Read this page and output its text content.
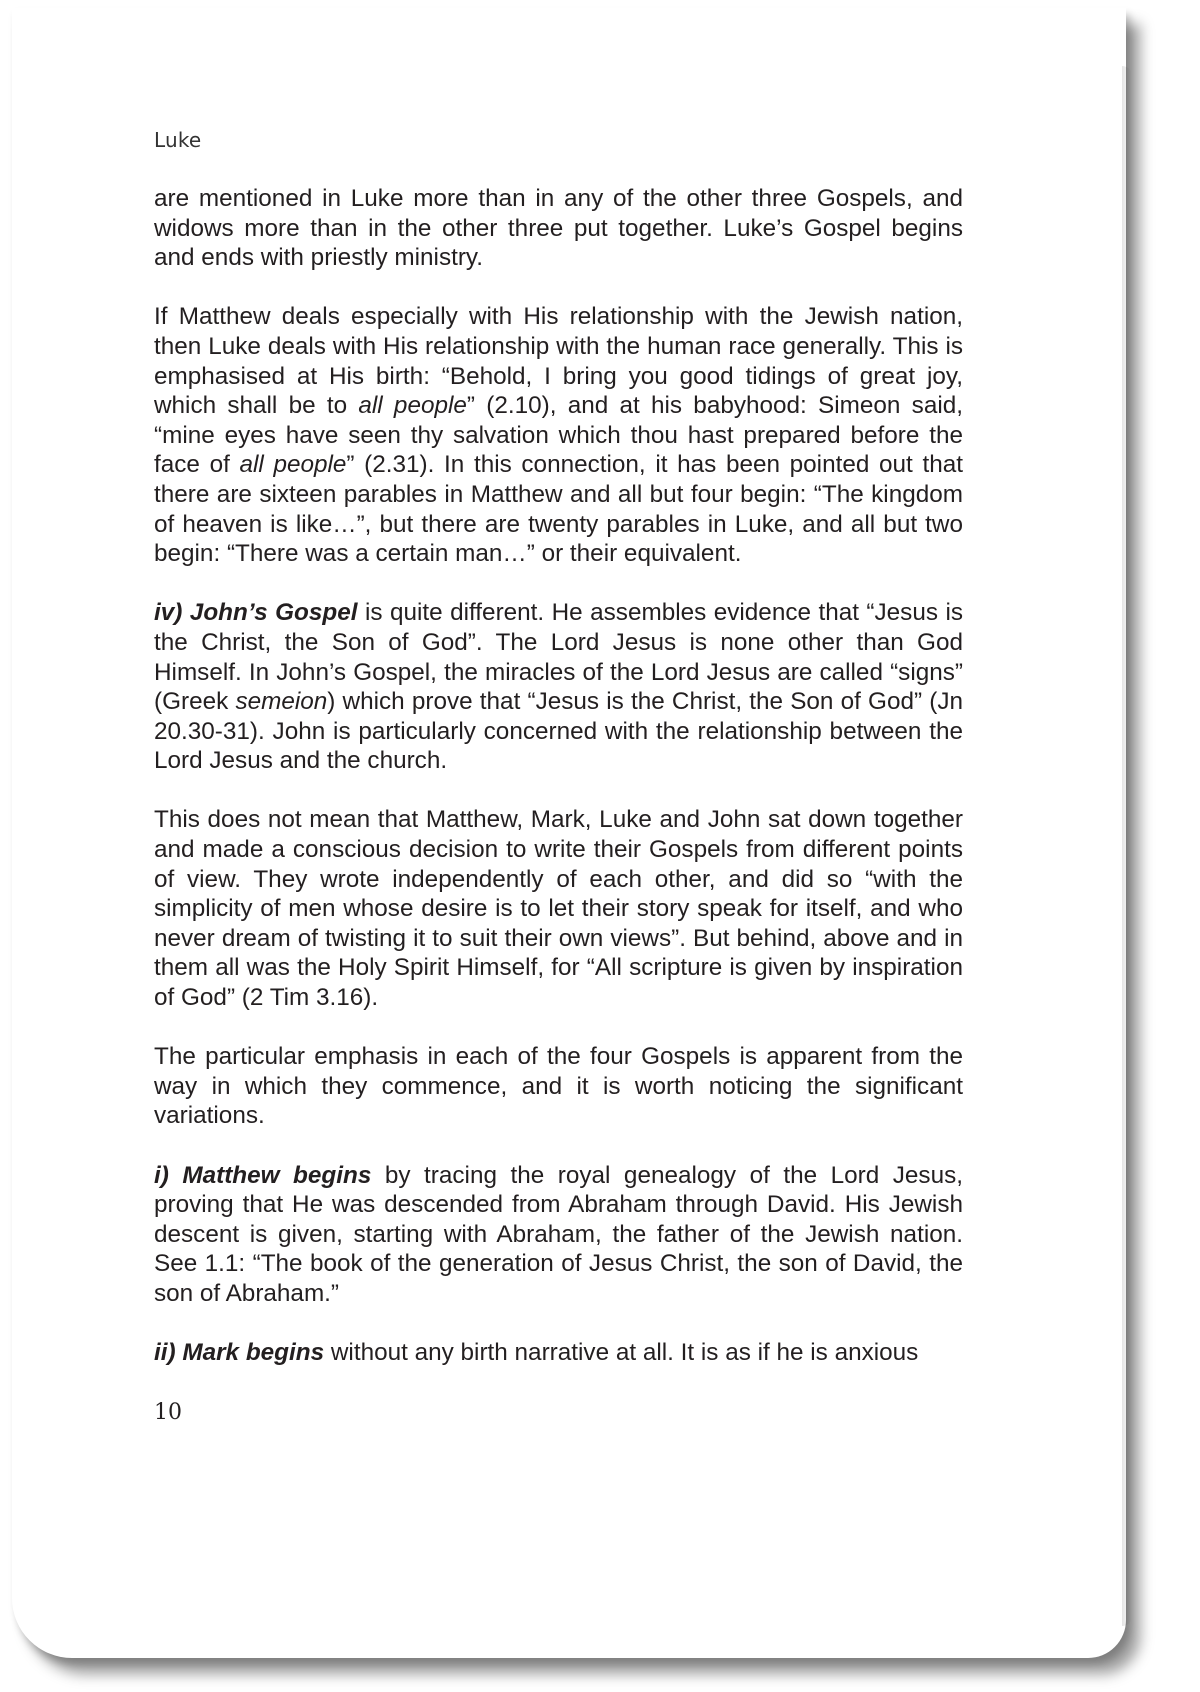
Luke

are mentioned in Luke more than in any of the other three Gospels, and widows more than in the other three put together. Luke’s Gospel begins and ends with priestly ministry.

If Matthew deals especially with His relationship with the Jewish nation, then Luke deals with His relationship with the human race generally. This is emphasised at His birth: “Behold, I bring you good tidings of great joy, which shall be to all people” (2.10), and at his babyhood: Simeon said, “mine eyes have seen thy salvation which thou hast prepared before the face of all people” (2.31). In this connection, it has been pointed out that there are sixteen parables in Matthew and all but four begin: “The kingdom of heaven is like…”, but there are twenty parables in Luke, and all but two begin: “There was a certain man…” or their equivalent.

iv) John’s Gospel is quite different. He assembles evidence that “Jesus is the Christ, the Son of God”. The Lord Jesus is none other than God Himself. In John’s Gospel, the miracles of the Lord Jesus are called “signs” (Greek semeion) which prove that “Jesus is the Christ, the Son of God” (Jn 20.30-31). John is particularly concerned with the relationship between the Lord Jesus and the church.

This does not mean that Matthew, Mark, Luke and John sat down together and made a conscious decision to write their Gospels from different points of view. They wrote independently of each other, and did so “with the simplicity of men whose desire is to let their story speak for itself, and who never dream of twisting it to suit their own views”. But behind, above and in them all was the Holy Spirit Himself, for “All scripture is given by inspiration of God” (2 Tim 3.16).

The particular emphasis in each of the four Gospels is apparent from the way in which they commence, and it is worth noticing the significant variations.

i) Matthew begins by tracing the royal genealogy of the Lord Jesus, proving that He was descended from Abraham through David. His Jewish descent is given, starting with Abraham, the father of the Jewish nation. See 1.1: “The book of the generation of Jesus Christ, the son of David, the son of Abraham.”

ii) Mark begins without any birth narrative at all. It is as if he is anxious

10
